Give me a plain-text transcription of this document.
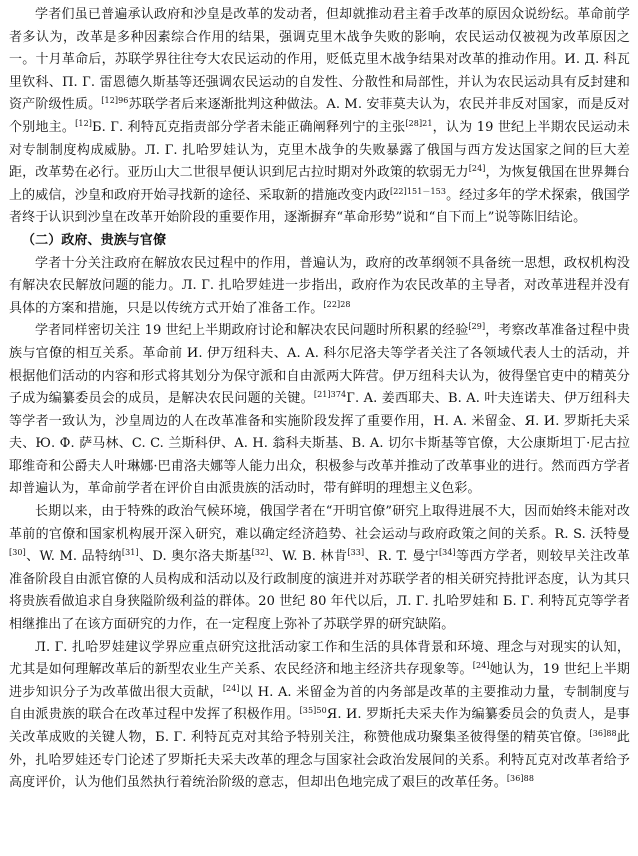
学者们虽已普遍承认政府和沙皇是改革的发动者，但却就推动君主着手改革的原因众说纷纭。革命前学者多认为，改革是多种因素综合作用的结果，强调克里木战争失败的影响，农民运动仅被视为改革原因之一。十月革命后，苏联学界往往夸大农民运动的作用，贬低克里木战争结果对改革的推动作用。И. Д. 科瓦里钦科、П. Г. 雷恩德久斯基等还强调农民运动的自发性、分散性和局部性，并认为农民运动具有反封建和资产阶级性质。$^{[12]96}$苏联学者后来逐渐批判这种做法。A. M. 安菲莫夫认为，农民并非反对国家，而是反对个别地主。[12]Б. Г. 利特瓦克指责部分学者未能正确阐释列宁的主张$^{[28]21}$，认为 19 世纪上半期农民运动未对专制制度构成威胁。Л. Г. 扎哈罗娃认为，克里木战争的失败暴露了俄国与西方发达国家之间的巨大差距，改革势在必行。亚历山大二世很早便认识到尼古拉时期对外政策的软弱无力[24]，为恢复俄国在世界舞台上的威信，沙皇和政府开始寻找新的途径、采取新的措施改变内政$^{[22]151-153}$。经过多年的学术探索，俄国学者终于认识到沙皇在改革开始阶段的重要作用，逐渐摒弃“革命形势”说和“自下而上”说等陈旧结论。

（二）政府、贵族与官僚

学者十分关注政府在解放农民过程中的作用，普遍认为，政府的改革纲领不具备统一思想，政权机构没有解决农民解放问题的能力。Л. Г. 扎哈罗娃进一步指出，政府作为农民改革的主导者，对改革进程并没有具体的方案和措施，只是以传统方式开始了准备工作。$^{[22]28}$

学者同样密切关注 19 世纪上半期政府讨论和解决农民问题时所积累的经验[29]，考察改革准备过程中贵族与官僚的相互关系。革命前 И. 伊万纽科夫、A. A. 科尔尼洛夫等学者关注了各领域代表人士的活动，并根据他们活动的内容和形式将其划分为保守派和自由派两大阵营。伊万纽科夫认为，彼得堡官吏中的精英分子成为编纂委员会的成员，是解决农民问题的关键。$^{[21]374}$Г. A. 姜西耶夫、B. A. 叶夫连诺夫、伊万纽科夫等学者一致认为，沙皇周边的人在改革准备和实施阶段发挥了重要作用，H. A. 米留金、Я. И. 罗斯托夫采夫、Ю. Ф. 萨马林、C. C. 兰斯科伊、A. H. 翁科夫斯基、B. A. 切尔卡斯基等官僚，大公康斯坦丁·尼古拉耶维奇和公爵夫人叶琳娜·巴甫洛夫娜等人能力出众，积极参与改革并推动了改革事业的进行。然而西方学者却普遍认为，革命前学者在评价自由派贵族的活动时，带有鲜明的理想主义色彩。

长期以来，由于特殊的政治气候环境，俄国学者在“开明官僚”研究上取得进展不大，因而始终未能对改革前的官僚和国家机构展开深入研究，难以确定经济趋势、社会运动与政府政策之间的关系。R. S. 沃特曼[30]、W. M. 品特纳[31]、D. 奥尔洛夫斯基[32]、W. B. 林肯[33]、R. T. 曼宁[34]等西方学者，则较早关注改革准备阶段自由派官僚的人员构成和活动以及行政制度的演进并对苏联学者的相关研究持批评态度，认为其只将贵族看做追求自身狭隘阶级利益的群体。20 世纪 80 年代以后，Л. Г. 扎哈罗娃和 Б. Г. 利特瓦克等学者相继推出了在该方面研究的力作，在一定程度上弥补了苏联学界的研究缺陷。

Л. Г. 扎哈罗娃建议学界应重点研究这批活动家工作和生活的具体背景和环境、理念与对现实的认知，尤其是如何理解改革后的新型农业生产关系、农民经济和地主经济共存现象等。[24]她认为，19 世纪上半期进步知识分子为改革做出很大贡献，[24]以 H. A. 米留金为首的内务部是改革的主要推动力量，专制制度与自由派贵族的联合在改革过程中发挥了积极作用。$^{[35]50}$Я. И. 罗斯托夫采夫作为编纂委员会的负责人，是事关改革成败的关键人物，Б. Г. 利特瓦克对其给予特别关注，称赞他成功聚集圣彼得堡的精英官僚。$^{[36]88}$此外，扎哈罗娃还专门论述了罗斯托夫采夫改革的理念与国家社会政治发展间的关系。利特瓦克对改革者给予高度评价，认为他们虽然执行着统治阶级的意志，但却出色地完成了艰巨的改革任务。$^{[36]88}$
